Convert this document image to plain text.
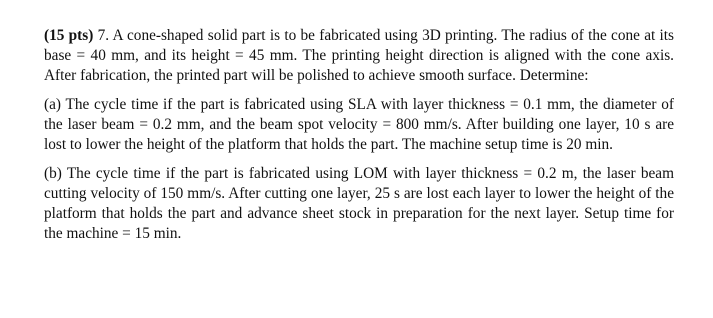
(15 pts) 7. A cone-shaped solid part is to be fabricated using 3D printing. The radius of the cone at its base = 40 mm, and its height = 45 mm. The printing height direction is aligned with the cone axis. After fabrication, the printed part will be polished to achieve smooth surface. Determine:

(a) The cycle time if the part is fabricated using SLA with layer thickness = 0.1 mm, the diameter of the laser beam = 0.2 mm, and the beam spot velocity = 800 mm/s. After building one layer, 10 s are lost to lower the height of the platform that holds the part. The machine setup time is 20 min.

(b) The cycle time if the part is fabricated using LOM with layer thickness = 0.2 m, the laser beam cutting velocity of 150 mm/s. After cutting one layer, 25 s are lost each layer to lower the height of the platform that holds the part and advance sheet stock in preparation for the next layer. Setup time for the machine = 15 min.
